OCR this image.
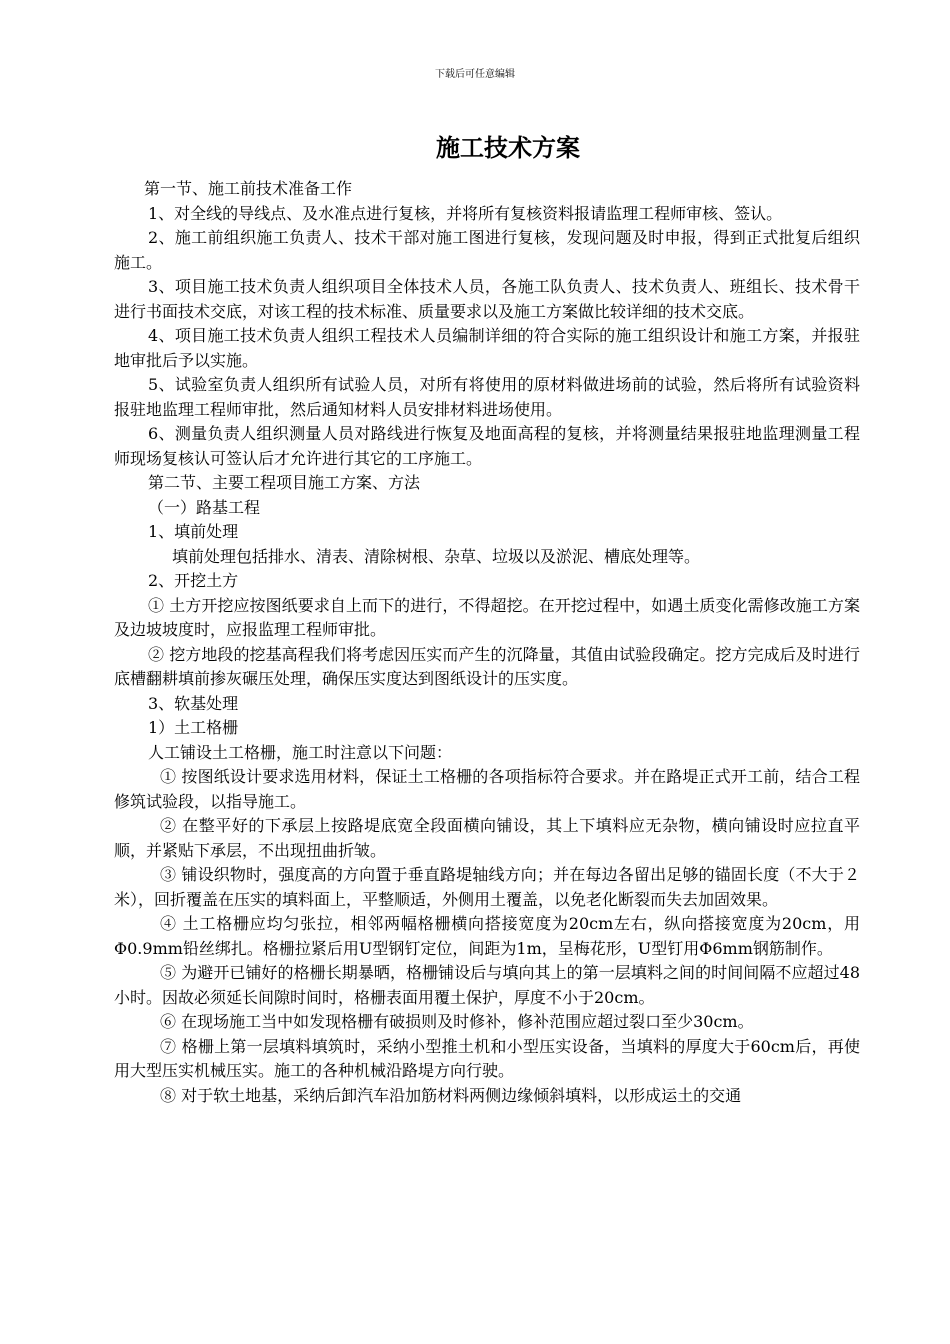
下载后可任意编辑
施工技术方案

第一节、施工前技术准备工作

1、对全线的导线点、及水准点进行复核，并将所有复核资料报请监理工程师审核、签认。

2、施工前组织施工负责人、技术干部对施工图进行复核，发现问题及时申报，得到正式批复后组织施工。

3、项目施工技术负责人组织项目全体技术人员，各施工队负责人、技术负责人、班组长、技术骨干进行书面技术交底，对该工程的技术标准、质量要求以及施工方案做比较详细的技术交底。

4、项目施工技术负责人组织工程技术人员编制详细的符合实际的施工组织设计和施工方案，并报驻地审批后予以实施。

5、试验室负责人组织所有试验人员，对所有将使用的原材料做进场前的试验，然后将所有试验资料报驻地监理工程师审批，然后通知材料人员安排材料进场使用。

6、测量负责人组织测量人员对路线进行恢复及地面高程的复核，并将测量结果报驻地监理测量工程师现场复核认可签认后才允许进行其它的工序施工。

第二节、主要工程项目施工方案、方法

（一）路基工程

1、填前处理

填前处理包括排水、清表、清除树根、杂草、垃圾以及淤泥、槽底处理等。

2、开挖土方

① 土方开挖应按图纸要求自上而下的进行，不得超挖。在开挖过程中，如遇土质变化需修改施工方案及边坡坡度时，应报监理工程师审批。

② 挖方地段的挖基高程我们将考虑因压实而产生的沉降量，其值由试验段确定。挖方完成后及时进行底槽翻耕填前掺灰碾压处理，确保压实度达到图纸设计的压实度。

3、软基处理

1）土工格栅

人工铺设土工格栅，施工时注意以下问题：

① 按图纸设计要求选用材料，保证土工格栅的各项指标符合要求。并在路堤正式开工前，结合工程修筑试验段，以指导施工。

② 在整平好的下承层上按路堤底宽全段面横向铺设，其上下填料应无杂物，横向铺设时应拉直平顺，并紧贴下承层，不出现扭曲折皱。

③ 铺设织物时，强度高的方向置于垂直路堤轴线方向；并在每边各留出足够的锚固长度（不大于２米），回折覆盖在压实的填料面上，平整顺适，外侧用土覆盖，以免老化断裂而失去加固效果。

④ 土工格栅应均匀张拉，相邻两幅格栅横向搭接宽度为20cm左右，纵向搭接宽度为20cm，用Φ0.9mm铅丝绑扎。格栅拉紧后用U型钢钉定位，间距为1m，呈梅花形，U型钉用Φ6mm钢筋制作。

⑤ 为避开已铺好的格栅长期暴晒，格栅铺设后与填向其上的第一层填料之间的时间间隔不应超过48小时。因故必须延长间隙时间时，格栅表面用覆土保护，厚度不小于20cm。

⑥ 在现场施工当中如发现格栅有破损则及时修补，修补范围应超过裂口至少30cm。

⑦ 格栅上第一层填料填筑时，采纳小型推土机和小型压实设备，当填料的厚度大于60cm后，再使用大型压实机械压实。施工的各种机械沿路堤方向行驶。

⑧ 对于软土地基，采纳后卸汽车沿加筋材料两侧边缘倾斜填料，以形成运土的交通
